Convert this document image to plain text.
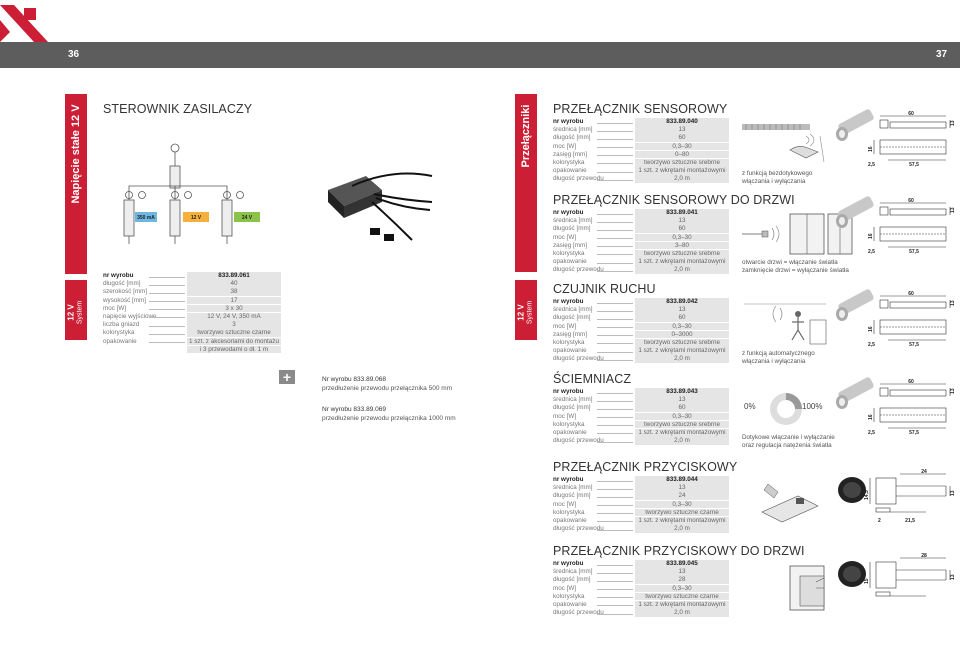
36	37
Napięcie stałe 12 V
12 V
System
Przełączniki
12 V
System
STEROWNIK ZASILACZY
350 mA	12 V	24 V
nr wyrobu	833.89.061
długość [mm]	40
szerokość [mm]	38
wysokość [mm]	17
moc [W]	3 x 30
napięcie wyjściowe	12 V, 24 V, 350 mA
liczba gniazd	3
kolorystyka	tworzywo sztuczne czarne
opakowanie	1 szt. z akcesoriami do montażu
i 3 przewodami o dł. 1 m
+	Nr wyrobu 833.89.068
przedłużenie przewodu przełącznika 500 mm
Nr wyrobu 833.89.069
przedłużenie przewodu przełącznika 1000 mm
PRZEŁĄCZNIK SENSOROWY
nr wyrobu	833.89.040
średnica [mm]	13
długość [mm]	60
moc [W]	0,3–30
zasięg [mm]	0–80
kolorystyka	tworzywo sztuczne srebrne
opakowanie	1 szt. z wkrętami montażowymi
długość przewodu	2,0 m
z funkcją bezdotykowego
włączania i wyłączania
PRZEŁĄCZNIK SENSOROWY DO DRZWI
nr wyrobu	833.89.041
średnica [mm]	13
długość [mm]	60
moc [W]	0,3–30
zasięg [mm]	3–80
kolorystyka	tworzywo sztuczne srebrne
opakowanie	1 szt. z wkrętami montażowymi
długość przewodu	2,0 m
otwarcie drzwi = włączanie światła
zamknięcie drzwi = wyłączanie światła
CZUJNIK RUCHU
nr wyrobu	833.89.042
średnica [mm]	13
długość [mm]	60
moc [W]	0,3–30
zasięg [mm]	0–3000
kolorystyka	tworzywo sztuczne srebrne
opakowanie	1 szt. z wkrętami montażowymi
długość przewodu	2,0 m
z funkcją automatycznego
włączania i wyłączania
ŚCIEMNIACZ
nr wyrobu	833.89.043
średnica [mm]	13
długość [mm]	60
moc [W]	0,3–30
kolorystyka	tworzywo sztuczne srebrne
opakowanie	1 szt. z wkrętami montażowymi
długość przewodu	2,0 m	Dotykowe włączanie i wyłączanie
oraz regulacja natężenia światła
PRZEŁĄCZNIK PRZYCISKOWY
nr wyrobu	833.89.044
średnica [mm]	13
długość [mm]	24
moc [W]	0,3–30
kolorystyka	tworzywo sztuczne czarne
opakowanie	1 szt. z wkrętami montażowymi
długość przewodu	2,0 m
PRZEŁĄCZNIK PRZYCISKOWY DO DRZWI
nr wyrobu	833.89.045
średnica [mm]	13
długość [mm]	28
moc [W]	0,3–30
kolorystyka	tworzywo sztuczne czarne
opakowanie	1 szt. z wkrętami montażowymi
długość przewodu	2,0 m
0%	100%
60
13
16
2,5	57,5
60
13
16
2,5	57,5
60
13
16
2,5	57,5
60
13
16
2,5	57,5
24
13
14,5
2	21,5
28
13
15
